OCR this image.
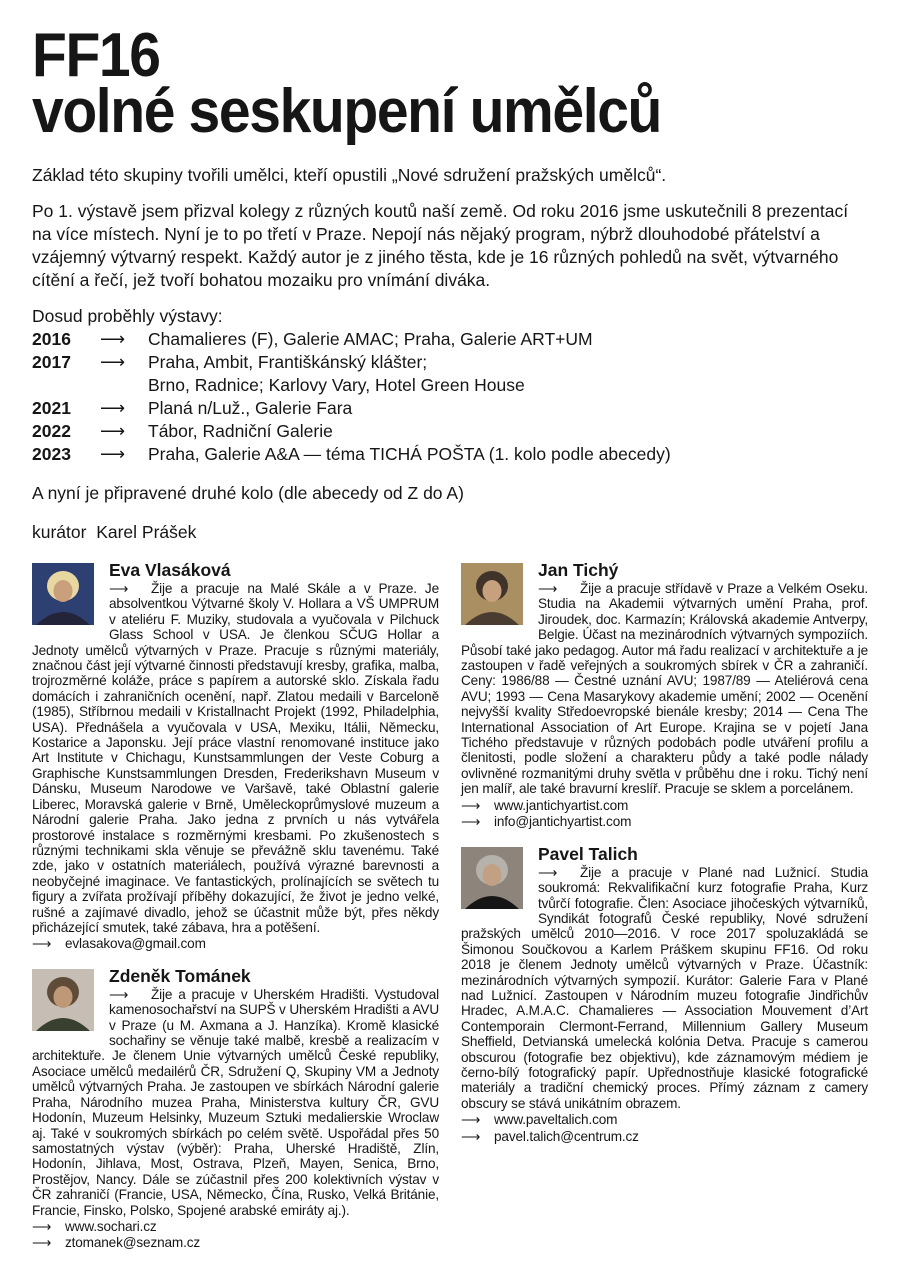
FF16
volné seskupení umělců

Základ této skupiny tvořili umělci, kteří opustili „Nové sdružení pražských umělců“.

Po 1. výstavě jsem přizval kolegy z různých koutů naší země. Od roku 2016 jsme uskutečnili 8 prezentací na více místech. Nyní je to po třetí v Praze. Nepojí nás nějaký program, nýbrž dlouhodobé přátelství a vzájemný výtvarný respekt. Každý autor je z jiného těsta, kde je 16 různých pohledů na svět, výtvarného cítění a řečí, jež tvoří bohatou mozaiku pro vnímání diváka.

Dosud proběhly výstavy:

2016	⟶	Chamalieres (F), Galerie AMAC; Praha, Galerie ART+UM
2017	⟶	Praha, Ambit, Františkánský klášter;
Brno, Radnice; Karlovy Vary, Hotel Green House
2021	⟶	Planá n/Luž., Galerie Fara
2022	⟶	Tábor, Radniční Galerie
2023	⟶	Praha, Galerie A&A — téma TICHÁ POŠTA (1. kolo podle abecedy)

A nyní je připravené druhé kolo (dle abecedy od Z do A)

kurátor  Karel Prášek

Eva Vlasáková

⟶ Žije a pracuje na Malé Skále a v Praze. Je absolventkou Výtvarné školy V. Hollara a VŠ UMPRUM v ateliéru F. Muziky, studovala a vyučovala v Pilchuck Glass School v USA. Je členkou SČUG Hollar a Jednoty umělců výtvarných v Praze. Pracuje s různými materiály, značnou část její výtvarné činnosti představují kresby, grafika, malba, trojrozměrné koláže, práce s papírem a autorské sklo. Získala řadu domácích i zahraničních ocenění, např. Zlatou medaili v Barceloně (1985), Stříbrnou medaili v Kristallnacht Projekt (1992, Philadelphia, USA). Přednášela a vyučovala v USA, Mexiku, Itálii, Německu, Kostarice a Japonsku. Její práce vlastní renomované instituce jako Art Institute v Chichagu, Kunstsammlungen der Veste Coburg a Graphische Kunstsammlungen Dresden, Frederikshavn Museum v Dánsku, Museum Narodowe ve Varšavě, také Oblastní galerie Liberec, Moravská galerie v Brně, Uměleckoprůmyslové muzeum a Národní galerie Praha. Jako jedna z prvních u nás vytvářela prostorové instalace s rozměrnými kresbami. Po zkušenostech s různými technikami skla věnuje se převážně sklu tavenému. Také zde, jako v ostatních materiálech, používá výrazné barevnosti a neobyčejné imaginace. Ve fantastických, prolínajících se světech tu figury a zvířata prožívají příběhy dokazující, že život je jedno velké, rušné a zajímavé divadlo, jehož se účastnit může být, přes někdy přicházející smutek, také zábava, hra a potěšení.

⟶	evlasakova@gmail.com
Zdeněk Tománek

⟶ Žije a pracuje v Uherském Hradišti. Vystudoval kamenosochařství na SUPŠ v Uherském Hradišti a AVU v Praze (u M. Axmana a J. Hanzíka). Kromě klasické sochařiny se věnuje také malbě, kresbě a realizacím v architektuře. Je členem Unie výtvarných umělců České republiky, Asociace umělců medailérů ČR, Sdružení Q, Skupiny VM a Jednoty umělců výtvarných Praha. Je zastoupen ve sbírkách Národní galerie Praha, Národního muzea Praha, Ministerstva kultury ČR, GVU Hodonín, Muzeum Helsinky, Muzeum Sztuki medalierskie Wroclaw aj. Také v soukromých sbírkách po celém světě. Uspořádal přes 50 samostatných výstav (výběr): Praha, Uherské Hradiště, Zlín, Hodonín, Jihlava, Most, Ostrava, Plzeň, Mayen, Senica, Brno, Prostějov, Nancy. Dále se zúčastnil přes 200 kolektivních výstav v ČR zahraničí (Francie, USA, Německo, Čína, Rusko, Velká Británie, Francie, Finsko, Polsko, Spojené arabské emiráty aj.).

⟶	www.sochari.cz
⟶	ztomanek@seznam.cz
Jan Tichý

⟶ Žije a pracuje střídavě v Praze a Velkém Oseku. Studia na Akademii výtvarných umění Praha, prof. Jiroudek, doc. Karmazín; Královská akademie Antverpy, Belgie. Účast na mezinárodních výtvarných sympoziích. Působí také jako pedagog. Autor má řadu realizací v architektuře a je zastoupen v řadě veřejných a soukromých sbírek v ČR a zahraničí. Ceny: 1986/88 — Čestné uznání AVU; 1987/89 — Ateliérová cena AVU; 1993 — Cena Masarykovy akademie umění; 2002 — Ocenění nejvyšší kvality Středoevropské bienále kresby; 2014 — Cena The International Association of Art Europe. Krajina se v pojetí Jana Tichého představuje v různých podobách podle utváření profilu a členitosti, podle složení a charakteru půdy a také podle nálady ovlivněné rozmanitými druhy světla v průběhu dne i roku. Tichý není jen malíř, ale také bravurní kreslíř. Pracuje se sklem a porcelánem.

⟶	www.jantichyartist.com
⟶	info@jantichyartist.com
Pavel Talich

⟶ Žije a pracuje v Plané nad Lužnicí. Studia soukromá: Rekvalifikační kurz fotografie Praha, Kurz tvůrčí fotografie. Člen: Asociace jihočeských výtvarníků, Syndikát fotografů České republiky, Nové sdružení pražských umělců 2010—2016. V roce 2017 spoluzakládá se Šimonou Součkovou a Karlem Práškem skupinu FF16. Od roku 2018 je členem Jednoty umělců výtvarných v Praze. Účastník: mezinárodních výtvarných sympozií. Kurátor: Galerie Fara v Plané nad Lužnicí. Zastoupen v Národním muzeu fotografie Jindřichův Hradec, A.M.A.C. Chamalieres — Association Mouvement d’Art Contemporain Clermont-Ferrand, Millennium Gallery Museum Sheffield, Detvianská umelecká kolónia Detva. Pracuje s camerou obscurou (fotografie bez objektivu), kde záznamovým médiem je černo-bílý fotografický papír. Upřednostňuje klasické fotografické materiály a tradiční chemický proces. Přímý záznam z camery obscury se stává unikátním obrazem.

⟶	www.paveltalich.com
⟶	pavel.talich@centrum.cz
